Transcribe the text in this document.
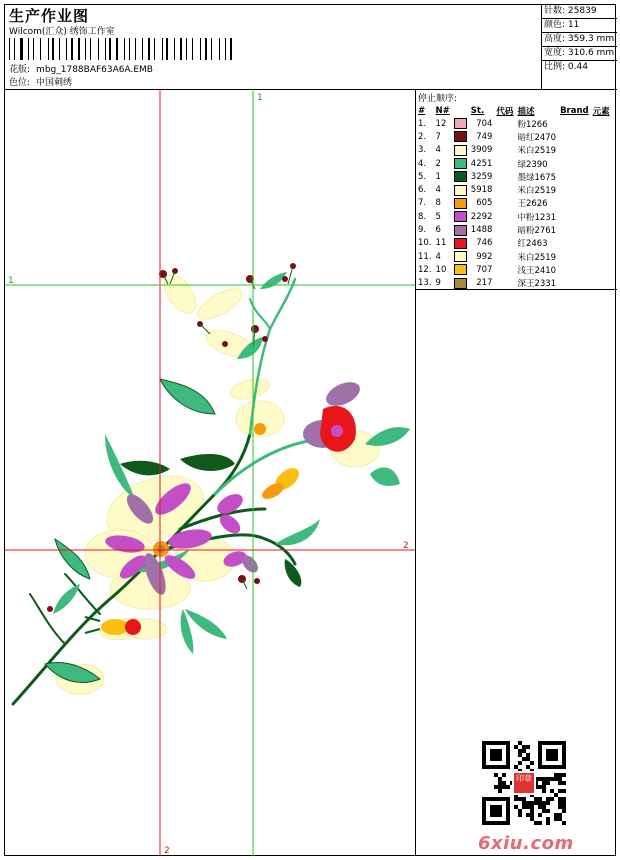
生产作业图
Wilcom(汇众) 绣饰工作室
花版: mbg_1788BAF63A6A.EMB
色位: 中国刺绣
针数: 25839
颜色: 11
高度: 359.3 mm
宽度: 310.6 mm
比例: 0.44
1
1
2
2
停止顺序:
#	N#		St.	代码	描述	Brand	元素
1.	12		704		粉1266		
2.	7		749		暗红2470		
3.	4		3909		米白2519		
4.	2		4251		绿2390		
5.	1		3259		墨绿1675		
6.	4		5918		米白2519		
7.	8		605		王2626		
8.	5		2292		中粉1231		
9.	6		1488		暗粉2761		
10.	11		746		红2463		
11.	4		992		米白2519		
12.	10		707		浅王2410		
13.	9		217		深王2331		
印章
6xiu.com
